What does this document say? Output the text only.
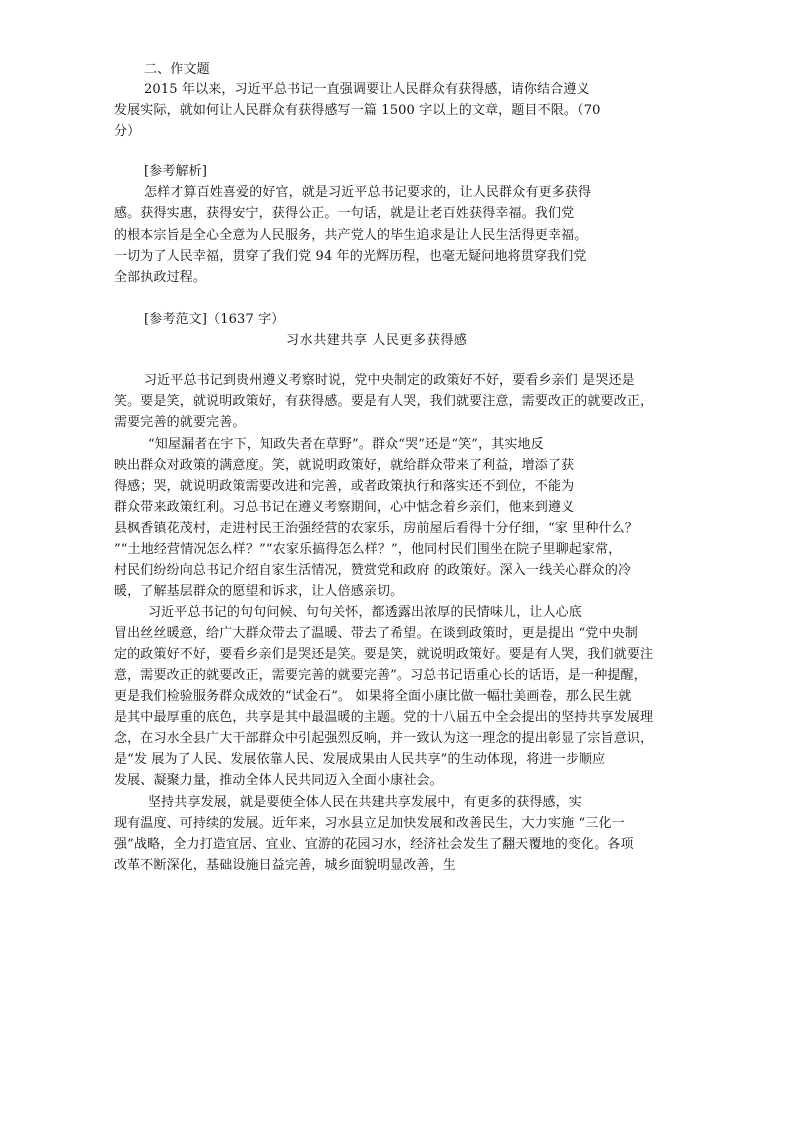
二、作文题
2015 年以来，习近平总书记一直强调要让人民群众有获得感，请你结合遵义
发展实际，就如何让人民群众有获得感写一篇 1500 字以上的文章，题目不限。（70
分）
[参考解析]
怎样才算百姓喜爱的好官，就是习近平总书记要求的，让人民群众有更多获得
感。获得实惠，获得安宁，获得公正。一句话，就是让老百姓获得幸福。我们党
的根本宗旨是全心全意为人民服务，共产党人的毕生追求是让人民生活得更幸福。
一切为了人民幸福，贯穿了我们党 94 年的光辉历程，也毫无疑问地将贯穿我们党
全部执政过程。
[参考范文]（1637 字）
习水共建共享 人民更多获得感
习近平总书记到贵州遵义考察时说，党中央制定的政策好不好，要看乡亲们 是哭还是
笑。要是笑，就说明政策好，有获得感。要是有人哭，我们就要注意，需要改正的就要改正，
需要完善的就要完善。
“知屋漏者在宇下，知政失者在草野”。群众“哭”还是“笑”，其实地反
映出群众对政策的满意度。笑，就说明政策好，就给群众带来了利益，增添了获
得感；哭，就说明政策需要改进和完善，或者政策执行和落实还不到位，不能为
群众带来政策红利。习总书记在遵义考察期间，心中惦念着乡亲们，他来到遵义
县枫香镇花茂村，走进村民王治强经营的农家乐，房前屋后看得十分仔细，“家 里种什么？
”“土地经营情况怎么样？”“农家乐搞得怎么样？”，他同村民们围坐在院子里聊起家常，
村民们纷纷向总书记介绍自家生活情况，赞赏党和政府 的政策好。深入一线关心群众的冷
暖，了解基层群众的愿望和诉求，让人倍感亲切。
习近平总书记的句句问候、句句关怀，都透露出浓厚的民情味儿，让人心底
冒出丝丝暖意，给广大群众带去了温暖、带去了希望。在谈到政策时，更是提出 “党中央制
定的政策好不好，要看乡亲们是哭还是笑。要是笑，就说明政策好。要是有人哭，我们就要注
意，需要改正的就要改正，需要完善的就要完善”。习总书记语重心长的话语，是一种提醒，
更是我们检验服务群众成效的“试金石”。 如果将全面小康比做一幅壮美画卷，那么民生就
是其中最厚重的底色，共享是其中最温暖的主题。党的十八届五中全会提出的坚持共享发展理
念，在习水全县广大干部群众中引起强烈反响，并一致认为这一理念的提出彰显了宗旨意识，
是“发 展为了人民、发展依靠人民、发展成果由人民共享”的生动体现，将进一步顺应
发展、凝聚力量，推动全体人民共同迈入全面小康社会。
坚持共享发展，就是要使全体人民在共建共享发展中，有更多的获得感，实
现有温度、可持续的发展。近年来，习水县立足加快发展和改善民生，大力实施 “三化一
强”战略，全力打造宜居、宜业、宜游的花园习水，经济社会发生了翻天覆地的变化。各项
改革不断深化，基础设施日益完善，城乡面貌明显改善，生
